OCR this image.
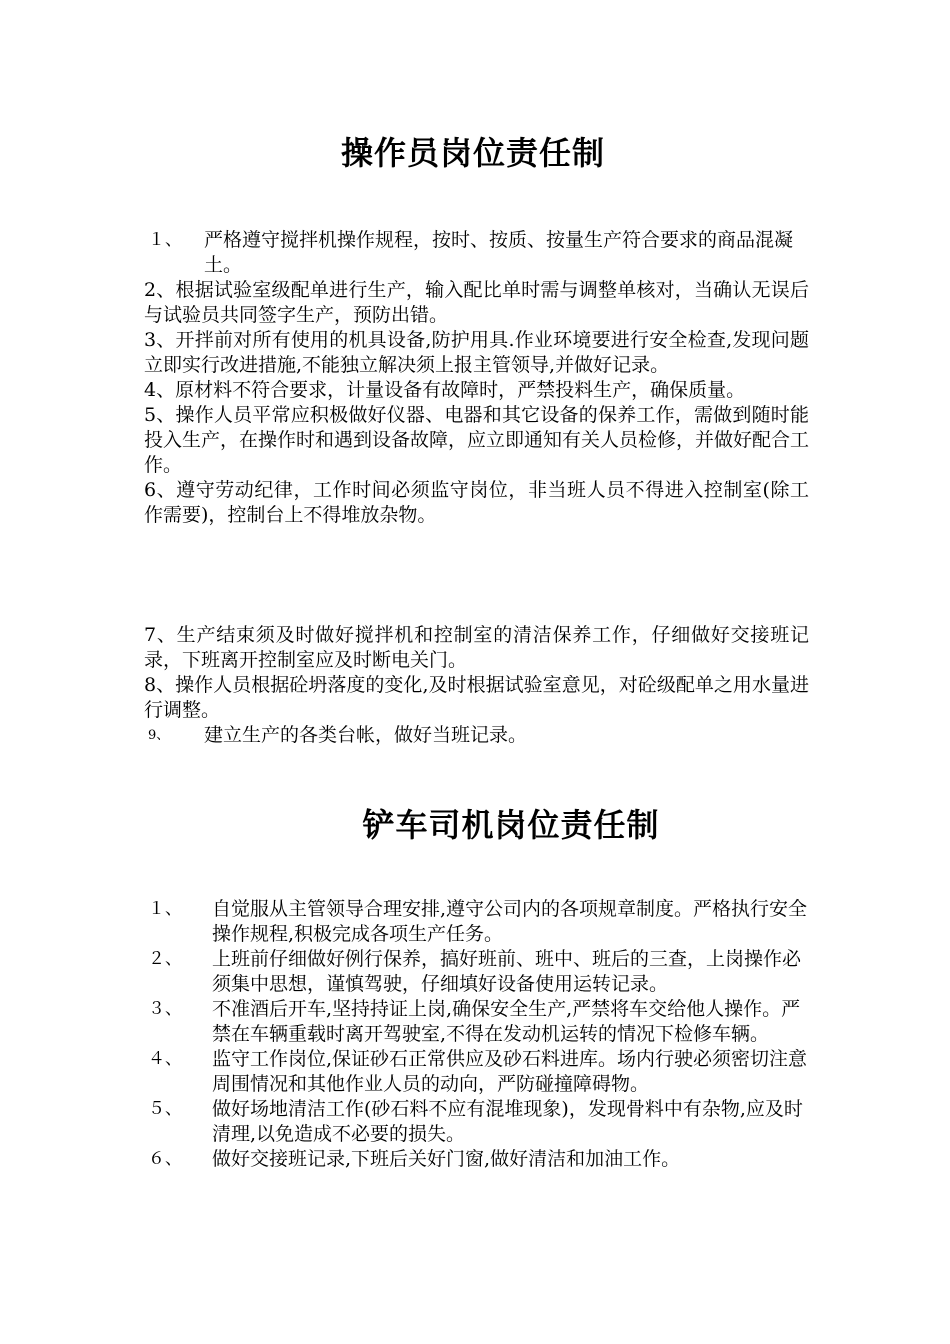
操作员岗位责任制
１、 严格遵守搅拌机操作规程，按时、按质、按量生产符合要求的商品混凝土。
2、根据试验室级配单进行生产，输入配比单时需与调整单核对，当确认无误后与试验员共同签字生产，预防出错。
3、开拌前对所有使用的机具设备,防护用具.作业环境要进行安全检查,发现问题立即实行改进措施,不能独立解决须上报主管领导,并做好记录。
4、原材料不符合要求，计量设备有故障时，严禁投料生产，确保质量。
5、操作人员平常应积极做好仪器、电器和其它设备的保养工作，需做到随时能投入生产，在操作时和遇到设备故障，应立即通知有关人员检修，并做好配合工作。
6、遵守劳动纪律，工作时间必须监守岗位，非当班人员不得进入控制室(除工作需要)，控制台上不得堆放杂物。
7、生产结束须及时做好搅拌机和控制室的清洁保养工作，仔细做好交接班记录，下班离开控制室应及时断电关门。
8、操作人员根据砼坍落度的变化,及时根据试验室意见，对砼级配单之用水量进行调整。
9、 建立生产的各类台帐，做好当班记录。
铲车司机岗位责任制
１、	自觉服从主管领导合理安排,遵守公司内的各项规章制度。严格执行安全操作规程,积极完成各项生产任务。
２、	上班前仔细做好例行保养，搞好班前、班中、班后的三查，上岗操作必须集中思想，谨慎驾驶，仔细填好设备使用运转记录。
３、	不准酒后开车,坚持持证上岗,确保安全生产,严禁将车交给他人操作。严禁在车辆重载时离开驾驶室,不得在发动机运转的情况下检修车辆。
４、	监守工作岗位,保证砂石正常供应及砂石料进库。场内行驶必须密切注意周围情况和其他作业人员的动向，严防碰撞障碍物。
５、	做好场地清洁工作(砂石料不应有混堆现象)，发现骨料中有杂物,应及时清理,以免造成不必要的损失。
６、	做好交接班记录,下班后关好门窗,做好清洁和加油工作。
